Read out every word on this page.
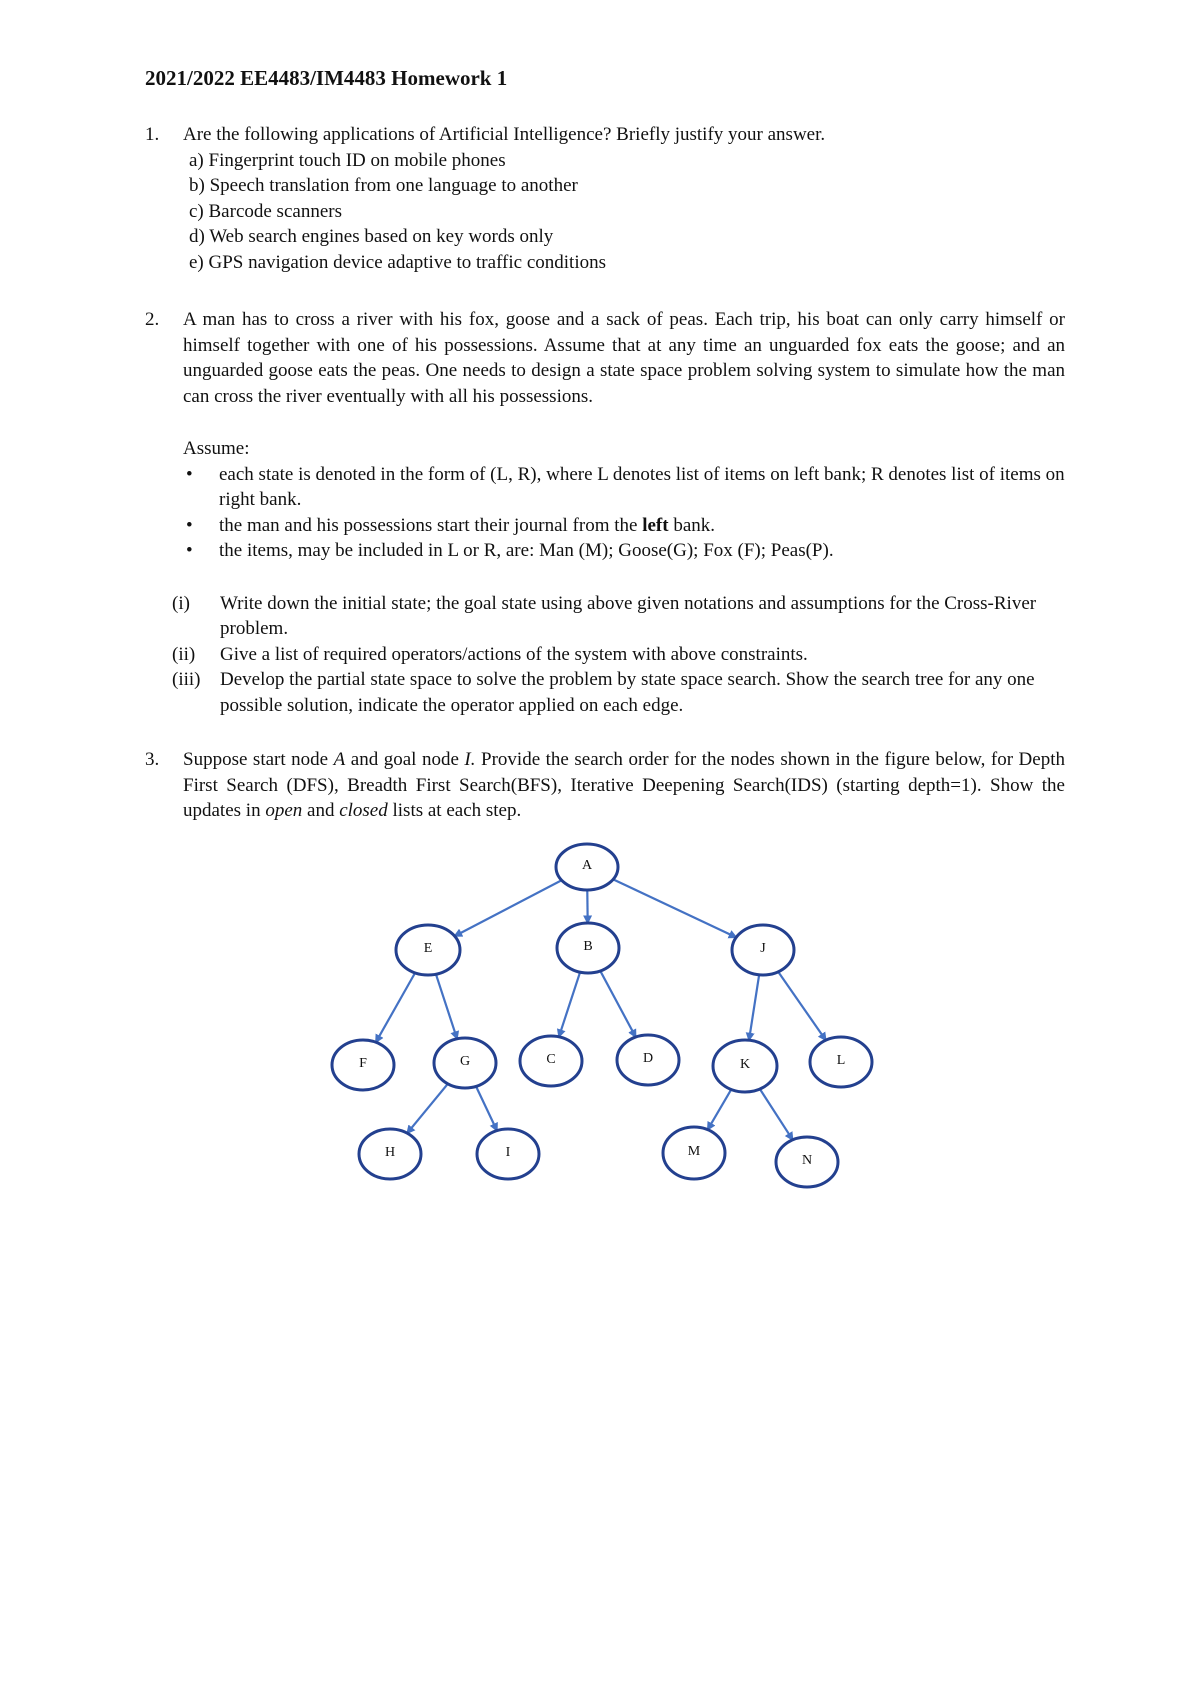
2021/2022 EE4483/IM4483 Homework 1
1.	Are the following applications of Artificial Intelligence? Briefly justify your answer.
a) Fingerprint touch ID on mobile phones
b) Speech translation from one language to another
c) Barcode scanners
d) Web search engines based on key words only
e) GPS navigation device adaptive to traffic conditions
2.	A man has to cross a river with his fox, goose and a sack of peas. Each trip, his boat can only carry himself or himself together with one of his possessions. Assume that at any time an unguarded fox eats the goose; and an unguarded goose eats the peas. One needs to design a state space problem solving system to simulate how the man can cross the river eventually with all his possessions.
Assume:
• each state is denoted in the form of (L, R), where L denotes list of items on left bank; R denotes list of items on right bank.
• the man and his possessions start their journal from the left bank.
• the items, may be included in L or R, are: Man (M); Goose(G); Fox (F); Peas(P).
(i)	Write down the initial state; the goal state using above given notations and assumptions for the Cross-River problem.
(ii)	Give a list of required operators/actions of the system with above constraints.
(iii)	Develop the partial state space to solve the problem by state space search. Show the search tree for any one possible solution, indicate the operator applied on each edge.
3.	Suppose start node A and goal node I. Provide the search order for the nodes shown in the figure below, for Depth First Search (DFS), Breadth First Search(BFS), Iterative Deepening Search(IDS) (starting depth=1). Show the updates in open and closed lists at each step.
A
E	B	J
F	G	C	D	K	L
H	I	M
N
